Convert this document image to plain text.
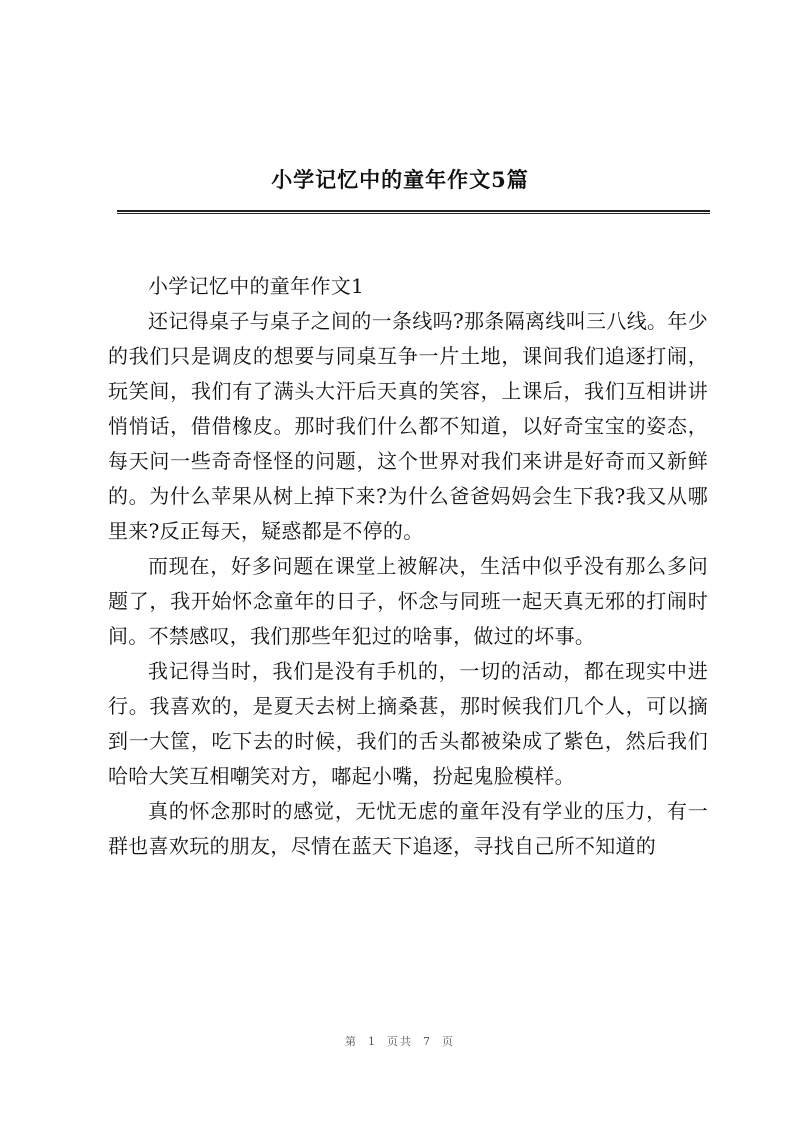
小学记忆中的童年作文5篇

小学记忆中的童年作文1

还记得桌子与桌子之间的一条线吗?那条隔离线叫三八线。年少的我们只是调皮的想要与同桌互争一片土地，课间我们追逐打闹，玩笑间，我们有了满头大汗后天真的笑容，上课后，我们互相讲讲悄悄话，借借橡皮。那时我们什么都不知道，以好奇宝宝的姿态，每天问一些奇奇怪怪的问题，这个世界对我们来讲是好奇而又新鲜的。为什么苹果从树上掉下来?为什么爸爸妈妈会生下我?我又从哪里来?反正每天，疑惑都是不停的。

而现在，好多问题在课堂上被解决，生活中似乎没有那么多问题了，我开始怀念童年的日子，怀念与同班一起天真无邪的打闹时间。不禁感叹，我们那些年犯过的啥事，做过的坏事。

我记得当时，我们是没有手机的，一切的活动，都在现实中进行。我喜欢的，是夏天去树上摘桑葚，那时候我们几个人，可以摘到一大筐，吃下去的时候，我们的舌头都被染成了紫色，然后我们哈哈大笑互相嘲笑对方，嘟起小嘴，扮起鬼脸模样。

真的怀念那时的感觉，无忧无虑的童年没有学业的压力，有一群也喜欢玩的朋友，尽情在蓝天下追逐，寻找自己所不知道的

第 1 页共 7 页
